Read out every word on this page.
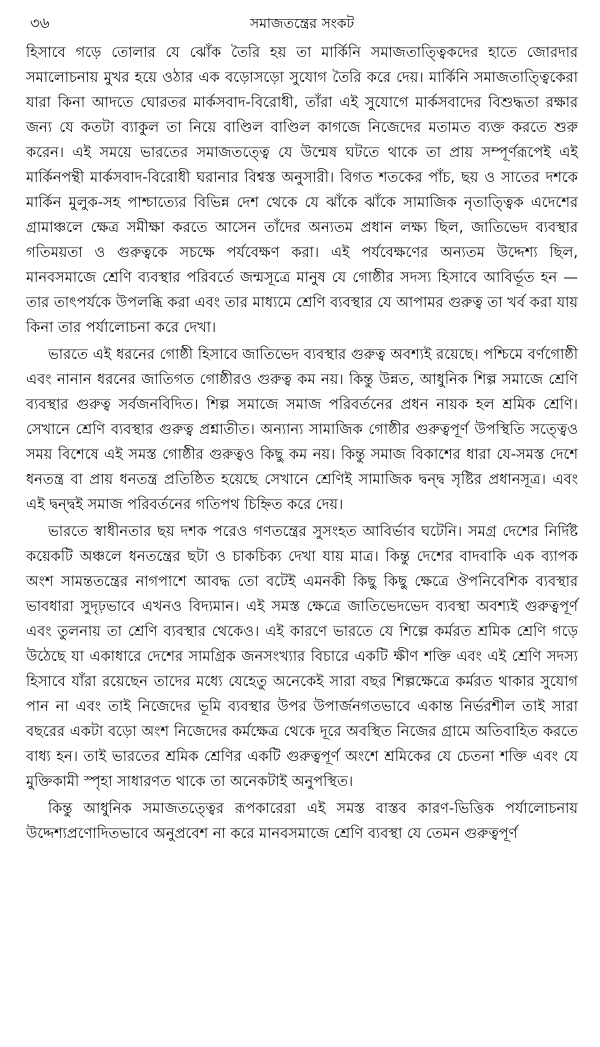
৩৬	সমাজতন্ত্রের সংকট

হিসাবে গড়ে তোলার যে ঝোঁক তৈরি হয় তা মার্কিনি সমাজতাত্ত্বিকদের হাতে জোরদার সমালোচনায় মুখর হয়ে ওঠার এক বড়োসড়ো সুযোগ তৈরি করে দেয়। মার্কিনি সমাজতাত্ত্বিকেরা যারা কিনা আদতে ঘোরতর মার্কসবাদ-বিরোধী, তাঁরা এই সুযোগে মার্কসবাদের বিশুদ্ধতা রক্ষার জন্য যে কতটা ব্যাকুল তা নিয়ে বাণ্ডিল বাণ্ডিল কাগজে নিজেদের মতামত ব্যক্ত করতে শুরু করেন। এই সময়ে ভারতের সমাজতত্ত্বে যে উন্মেষ ঘটতে থাকে তা প্রায় সম্পূর্ণরূপেই এই মার্কিনপন্থী মার্কসবাদ-বিরোধী ঘরানার বিশ্বস্ত অনুসারী। বিগত শতকের পাঁচ, ছয় ও সাতের দশকে মার্কিন মুলুক-সহ পাশ্চাত্যের বিভিন্ন দেশ থেকে যে ঝাঁকে ঝাঁকে সামাজিক নৃতাত্ত্বিক এদেশের গ্রামাঞ্চলে ক্ষেত্র সমীক্ষা করতে আসেন তাঁদের অন্যতম প্রধান লক্ষ্য ছিল, জাতিভেদ ব্যবস্থার গতিময়তা ও গুরুত্বকে সচক্ষে পর্যবেক্ষণ করা। এই পর্যবেক্ষণের অন্যতম উদ্দেশ্য ছিল, মানবসমাজে শ্রেণি ব্যবস্থার পরিবর্তে জন্মসূত্রে মানুষ যে গোষ্ঠীর সদস্য হিসাবে আবির্ভূত হন — তার তাৎপর্যকে উপলব্ধি করা এবং তার মাধ্যমে শ্রেণি ব্যবস্থার যে আপামর গুরুত্ব তা খর্ব করা যায় কিনা তার পর্যালোচনা করে দেখা।

ভারতে এই ধরনের গোষ্ঠী হিসাবে জাতিভেদ ব্যবস্থার গুরুত্ব অবশ্যই রয়েছে। পশ্চিমে বর্ণগোষ্ঠী এবং নানান ধরনের জাতিগত গোষ্ঠীরও গুরুত্ব কম নয়। কিন্তু উন্নত, আধুনিক শিল্প সমাজে শ্রেণি ব্যবস্থার গুরুত্ব সর্বজনবিদিত। শিল্প সমাজে সমাজ পরিবর্তনের প্রধন নায়ক হল শ্রমিক শ্রেণি। সেখানে শ্রেণি ব্যবস্থার গুরুত্ব প্রশ্নাতীত। অন্যান্য সামাজিক গোষ্ঠীর গুরুত্বপূর্ণ উপস্থিতি সত্ত্বেও সময় বিশেষে এই সমস্ত গোষ্ঠীর গুরুত্বও কিছু কম নয়। কিন্তু সমাজ বিকাশের ধারা যে-সমস্ত দেশে ধনতন্ত্র বা প্রায় ধনতন্ত্র প্রতিষ্ঠিত হয়েছে সেখানে শ্রেণিই সামাজিক দ্বন্দ্ব সৃষ্টির প্রধানসূত্র। এবং এই দ্বন্দ্বই সমাজ পরিবর্তনের গতিপথ চিহ্নিত করে দেয়।

ভারতে স্বাধীনতার ছয় দশক পরেও গণতন্ত্রের সুসংহত আবির্ভাব ঘটেনি। সমগ্র দেশের নির্দিষ্ট কয়েকটি অঞ্চলে ধনতন্ত্রের ছটা ও চাকচিক্য দেখা যায় মাত্র। কিন্তু দেশের বাদবাকি এক ব্যাপক অংশ সামন্ততন্ত্রের নাগপাশে আবদ্ধ তো বটেই এমনকী কিছু কিছু ক্ষেত্রে ঔপনিবেশিক ব্যবস্থার ভাবধারা সুদৃঢ়ভাবে এখনও বিদ্যমান। এই সমস্ত ক্ষেত্রে জাতিভেদভেদ ব্যবস্থা অবশ্যই গুরুত্বপূর্ণ এবং তুলনায় তা শ্রেণি ব্যবস্থার থেকেও। এই কারণে ভারতে যে শিল্পে কর্মরত শ্রমিক শ্রেণি গড়ে উঠেছে যা একাধারে দেশের সামগ্রিক জনসংখ্যার বিচারে একটি ক্ষীণ শক্তি এবং এই শ্রেণি সদস্য হিসাবে যাঁরা রয়েছেন তাদের মধ্যে যেহেতু অনেকেই সারা বছর শিল্পক্ষেত্রে কর্মরত থাকার সুযোগ পান না এবং তাই নিজেদের ভূমি ব্যবস্থার উপর উপার্জনগতভাবে একান্ত নির্ভরশীল তাই সারা বছরের একটা বড়ো অংশ নিজেদের কর্মক্ষেত্র থেকে দূরে অবস্থিত নিজের গ্রামে অতিবাহিত করতে বাধ্য হন। তাই ভারতের শ্রমিক শ্রেণির একটি গুরুত্বপূর্ণ অংশে শ্রমিকের যে চেতনা শক্তি এবং যে মুক্তিকামী স্পৃহা সাধারণত থাকে তা অনেকটাই অনুপস্থিত।

কিন্তু আধুনিক সমাজতত্ত্বের রূপকারেরা এই সমস্ত বাস্তব কারণ-ভিত্তিক পর্যালোচনায় উদ্দেশ্যপ্রণোদিতভাবে অনুপ্রবেশ না করে মানবসমাজে শ্রেণি ব্যবস্থা যে তেমন গুরুত্বপূর্ণ
